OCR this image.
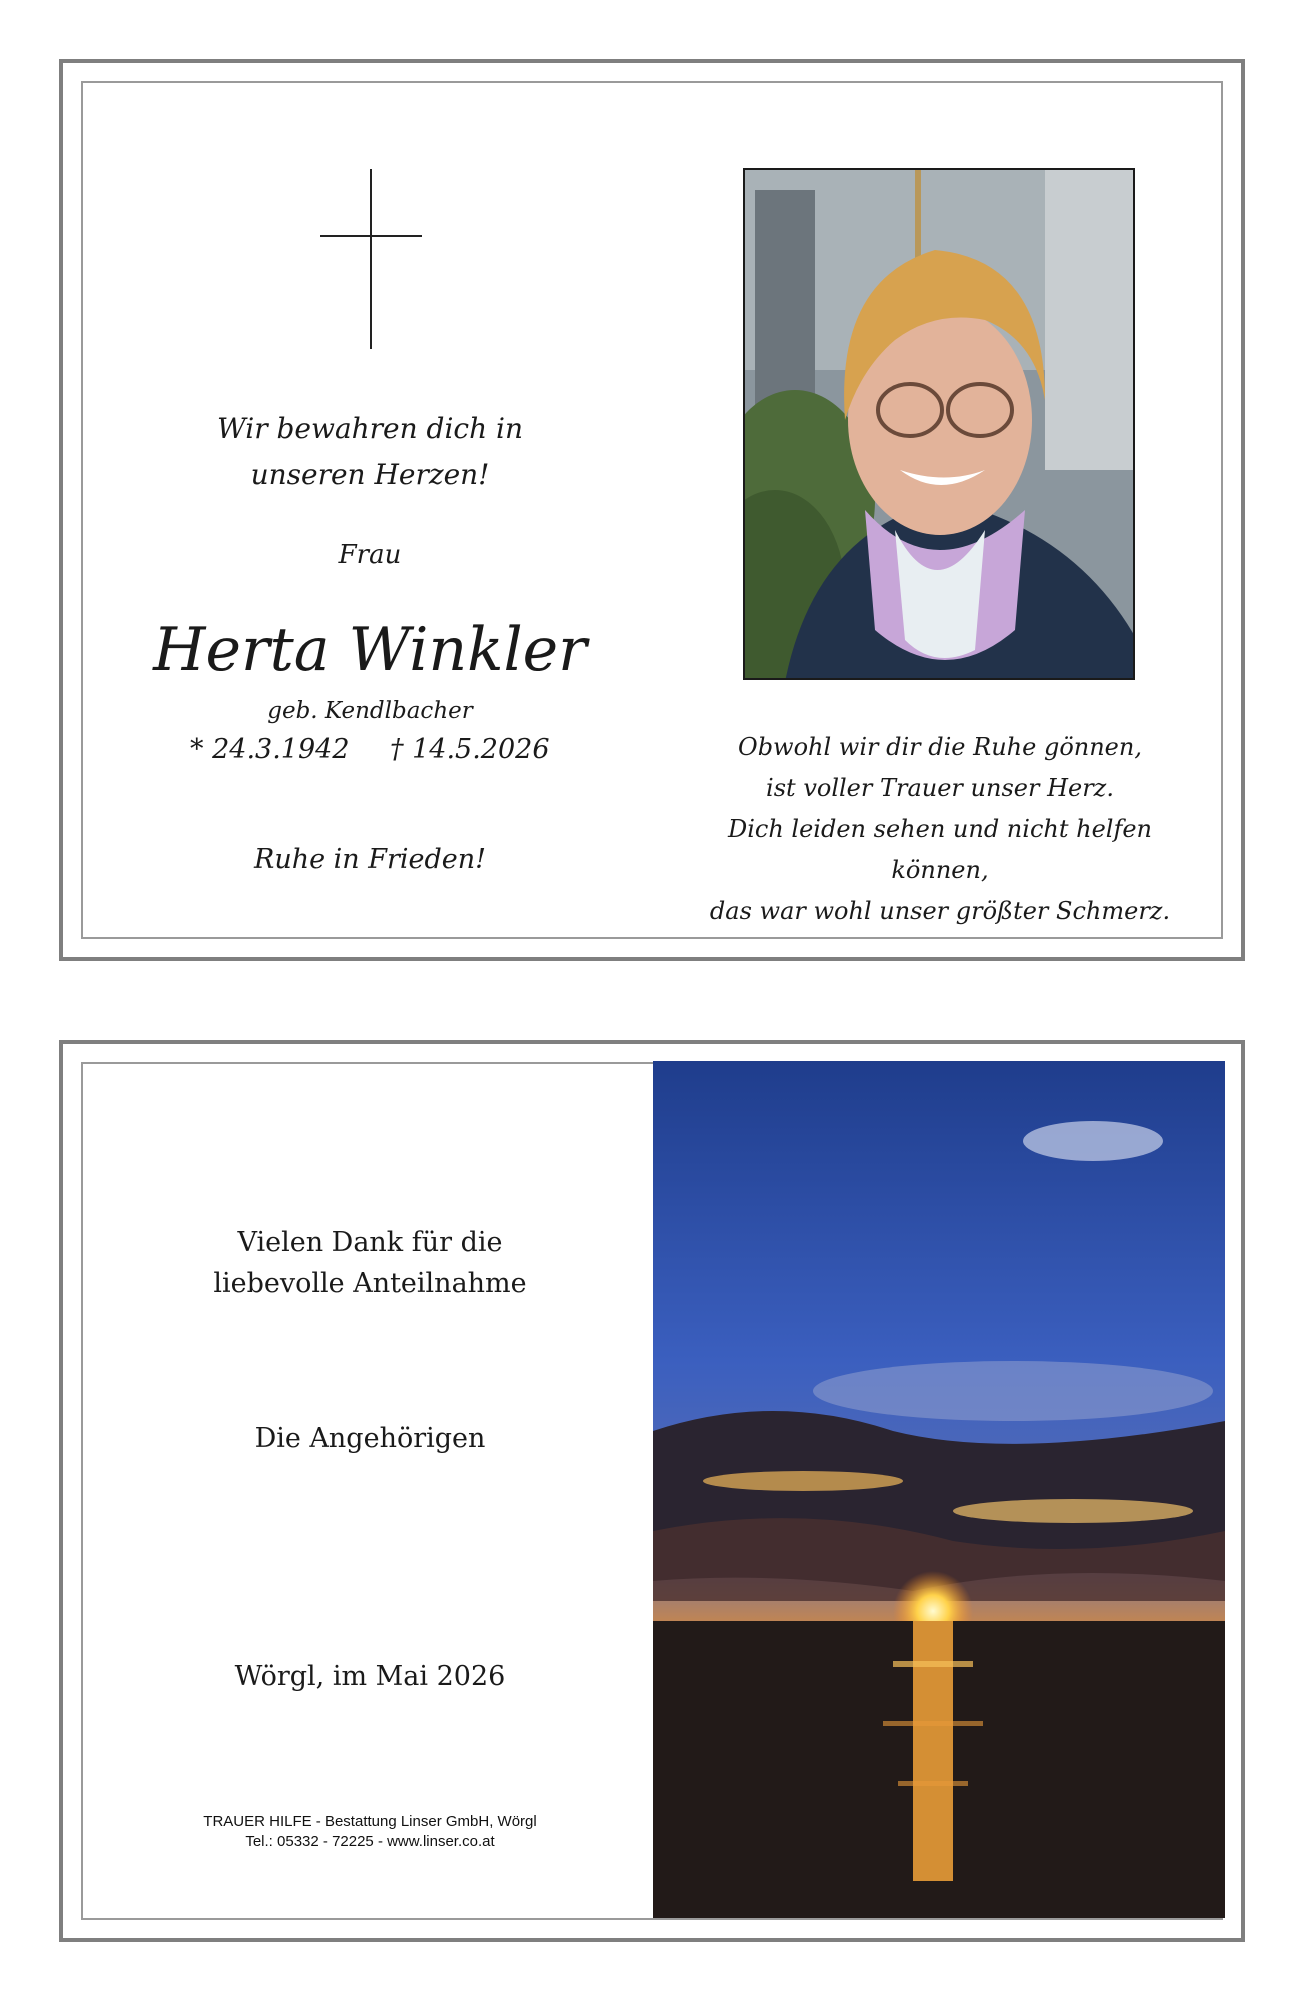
Wir bewahren dich in
unseren Herzen!
Frau
Herta Winkler
geb. Kendlbacher
* 24.3.1942 † 14.5.2026
Ruhe in Frieden!
Obwohl wir dir die Ruhe gönnen,
ist voller Trauer unser Herz.
Dich leiden sehen und nicht helfen können,
das war wohl unser größter Schmerz.
Vielen Dank für die
liebevolle Anteilnahme
Die Angehörigen
Wörgl, im Mai 2026
TRAUER HILFE - Bestattung Linser GmbH, Wörgl
Tel.: 05332 - 72225 - www.linser.co.at
